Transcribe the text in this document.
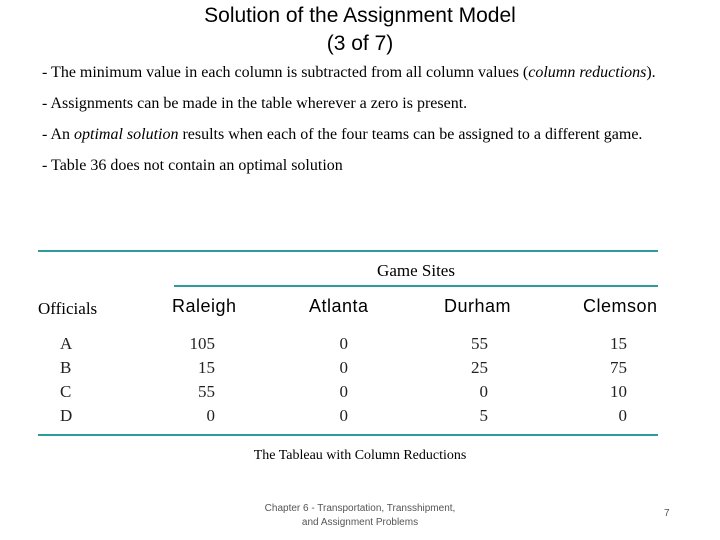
Solution of the Assignment Model
(3 of 7)

- The minimum value in each column is subtracted from all column values (column reductions).

- Assignments can be made in the table wherever a zero is present.

- An optimal solution results when each of the four teams can be assigned to a different game.

- Table 36 does not contain an optimal solution

Game Sites
Officials	Raleigh	Atlanta	Durham	Clemson
A	105	0	55	15
B	15	0	25	75
C	55	0	0	10
D	0	0	5	0
The Tableau with Column Reductions
Chapter 6 - Transportation, Transshipment,
and Assignment Problems
7
